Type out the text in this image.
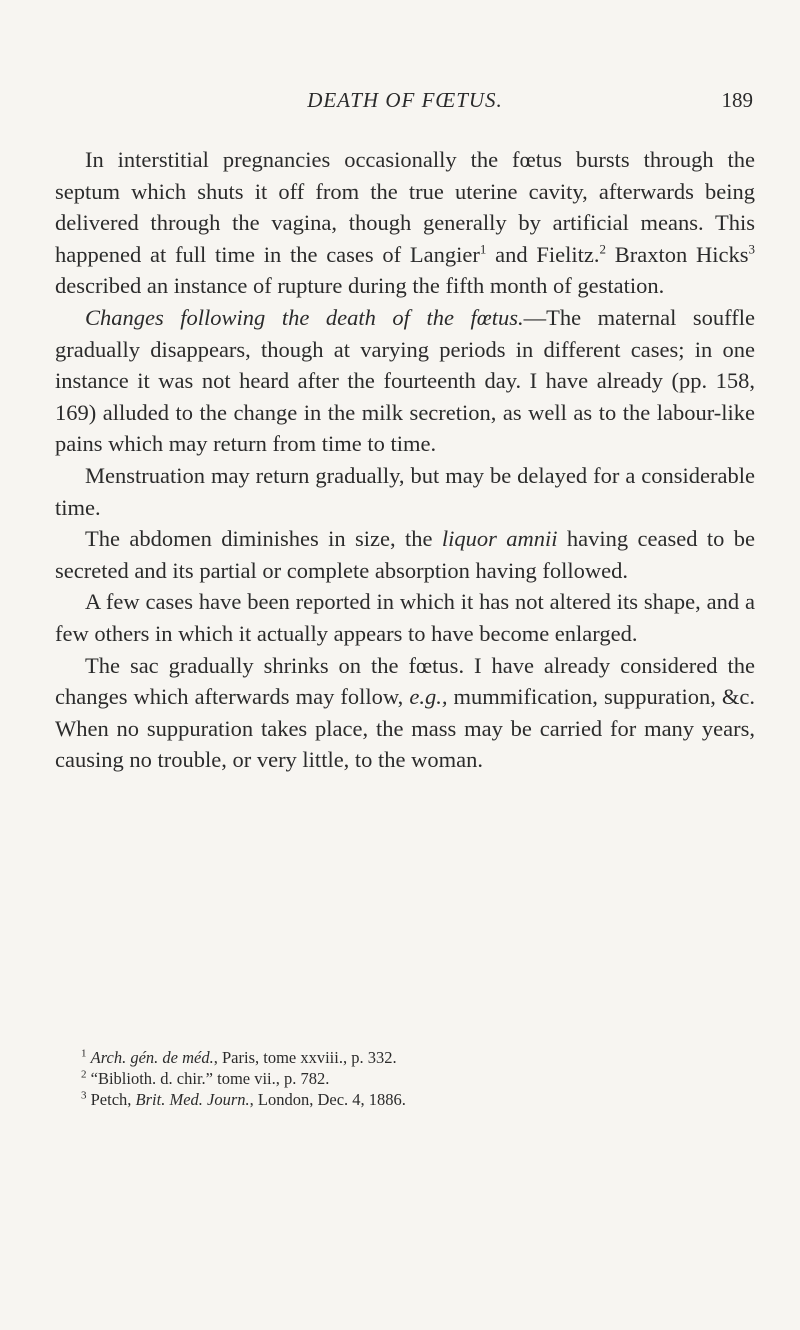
DEATH OF FŒTUS.	189

In interstitial pregnancies occasionally the fœtus bursts through the septum which shuts it off from the true uterine cavity, afterwards being delivered through the vagina, though generally by artificial means. This happened at full time in the cases of Langier$^1$ and Fielitz.$^2$ Braxton Hicks$^3$ described an instance of rupture during the fifth month of gestation.

Changes following the death of the fœtus.—The maternal souffle gradually disappears, though at varying periods in different cases; in one instance it was not heard after the fourteenth day. I have already (pp. 158, 169) alluded to the change in the milk secretion, as well as to the labour-like pains which may return from time to time.

Menstruation may return gradually, but may be delayed for a considerable time.

The abdomen diminishes in size, the liquor amnii having ceased to be secreted and its partial or complete absorption having followed.

A few cases have been reported in which it has not altered its shape, and a few others in which it actually appears to have become enlarged.

The sac gradually shrinks on the fœtus. I have already considered the changes which afterwards may follow, e.g., mummification, suppuration, &c. When no suppuration takes place, the mass may be carried for many years, causing no trouble, or very little, to the woman.

$^1$ Arch. gén. de méd., Paris, tome xxviii., p. 332.

$^2$ “Biblioth. d. chir.” tome vii., p. 782.

$^3$ Petch, Brit. Med. Journ., London, Dec. 4, 1886.
